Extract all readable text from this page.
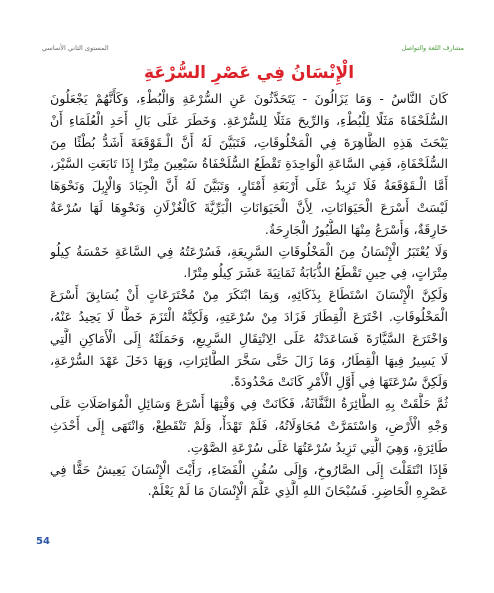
المستوى الثاني الأساسي	مشارف اللغة والتواصل
الْإِنْسَانُ فِي عَصْرِ السُّرْعَةِ
كَانَ النَّاسُ - وَمَا يَزَالُونَ - يَتَحَدَّثُونَ عَنِ السُّرْعَةِ وَالْبُطْءِ، وَكَأَنَّهُمْ يَجْعَلُونَ
السُّلَحْفَاةَ مَثَلًا لِلْبُطْءِ، وَالرِّيحَ مَثَلًا لِلسُّرْعَةِ. وَخَطَرَ عَلَى بَالِ أَحَدِ الْعُلَمَاءِ أَنْ
يَبْحَثَ هَذِهِ الظَّاهِرَةَ فِي الْمَخْلُوقَاتِ، فَتَبَيَّنَ لَهُ أَنَّ الْـقَوْقَعَةَ أَشَدُّ بُطْئًا مِنَ
السُّلَحْفَاةِ، فَفِي السَّاعَةِ الْوَاحِدَةِ تَقْطَعُ السُّلَحْفَاةُ سَبْعِينَ مِتْرًا إِذَا تَابَعَتِ السَّيْرَ،
أَمَّا الْـقَوْقَعَةُ فَلَا تَزِيدُ عَلَى أَرْبَعَةِ أَمْتَارٍ، وَتَبَيَّنَ لَهُ أَنَّ الْجِيَادَ وَالْإِبِلَ وَنَحْوَهَا
لَيْسَتْ أَسْرَعَ الْحَيَوَانَاتِ، لِأَنَّ الْحَيَوَانَاتِ الْبَرِّيَّةَ كَالْغُزْلَانِ وَنَحْوِهَا لَهَا سُرْعَةٌ
خَارِقَةٌ، وَأَسْرَعُ مِنْهَا الطُّيُورُ الْجَارِحَةُ.
وَلَا يُعْتَبَرُ الْإِنْسَانُ مِنَ الْمَخْلُوقَاتِ السَّرِيعَةِ، فَسُرْعَتُهُ فِي السَّاعَةِ خَمْسَةُ كِيلُو
مِتْرَاتٍ، فِي حِينِ تَقْطَعُ الذُّبَابَةُ ثَمَانِيَةَ عَشَرَ كِيلُو مِتْرًا.
وَلَكِنَّ الْإِنْسَانَ اسْتَطَاعَ بِذَكَائِهِ، وَبِمَا ابْتَكَرَ مِنْ مُخْتَرَعَاتٍ أَنْ يُسَابِقَ أَسْرَعَ
الْمَخْلُوقَاتِ. اخْتَرَعَ الْقِطَارَ فَزَادَ مِنْ سُرْعَتِهِ، وَلَكِنَّهُ الْتَزَمَ خَطًّا لَا يَحِيدُ عَنْهُ،
وَاخْتَرَعَ السَّيَّارَةَ فَسَاعَدَتْهُ عَلَى الِانْتِقَالِ السَّرِيعِ، وَحَمَلَتْهُ إِلَى الْأَمَاكِنِ الَّتِي
لَا يَسِيرُ فِيهَا الْقِطَارُ، وَمَا زَالَ حَتَّى سَخَّرَ الطَّائِرَاتِ، وَبِهَا دَخَلَ عَهْدَ السُّرْعَةِ،
وَلَكِنَّ سُرْعَتَهَا فِي أَوَّلِ الْأَمْرِ كَانَتْ مَحْدُودَةً.
ثُمَّ حَلَّقَتْ بِهِ الطَّائِرَةُ النَّفَّاثَةُ، فَكَانَتْ فِي وَقْتِهَا أَسْرَعَ وَسَائِلِ الْمُوَاصَلَاتِ عَلَى
وَجْهِ الْأَرْضِ، وَاسْتَمَرَّتْ مُحَاوَلَاتُهُ، فَلَمْ تَهْدَأْ، وَلَمْ تَنْقَطِعْ، وَانْتَهَى إِلَى أَحْدَثِ
طَائِرَةٍ، وَهِيَ الَّتِي تَزِيدُ سُرْعَتُهَا عَلَى سُرْعَةِ الصَّوْتِ.
فَإِذَا انْتَقَلْتَ إِلَى الصَّارُوخِ، وَإِلَى سُفُنِ الْفَضَاءِ، رَأَيْتَ الْإِنْسَانَ يَعِيشُ حَقًّا فِي
عَصْرِهِ الْحَاضِرِ. فَسُبْحَانَ اللهِ الَّذِي عَلَّمَ الْإِنْسَانَ مَا لَمْ يَعْلَمْ.
54
